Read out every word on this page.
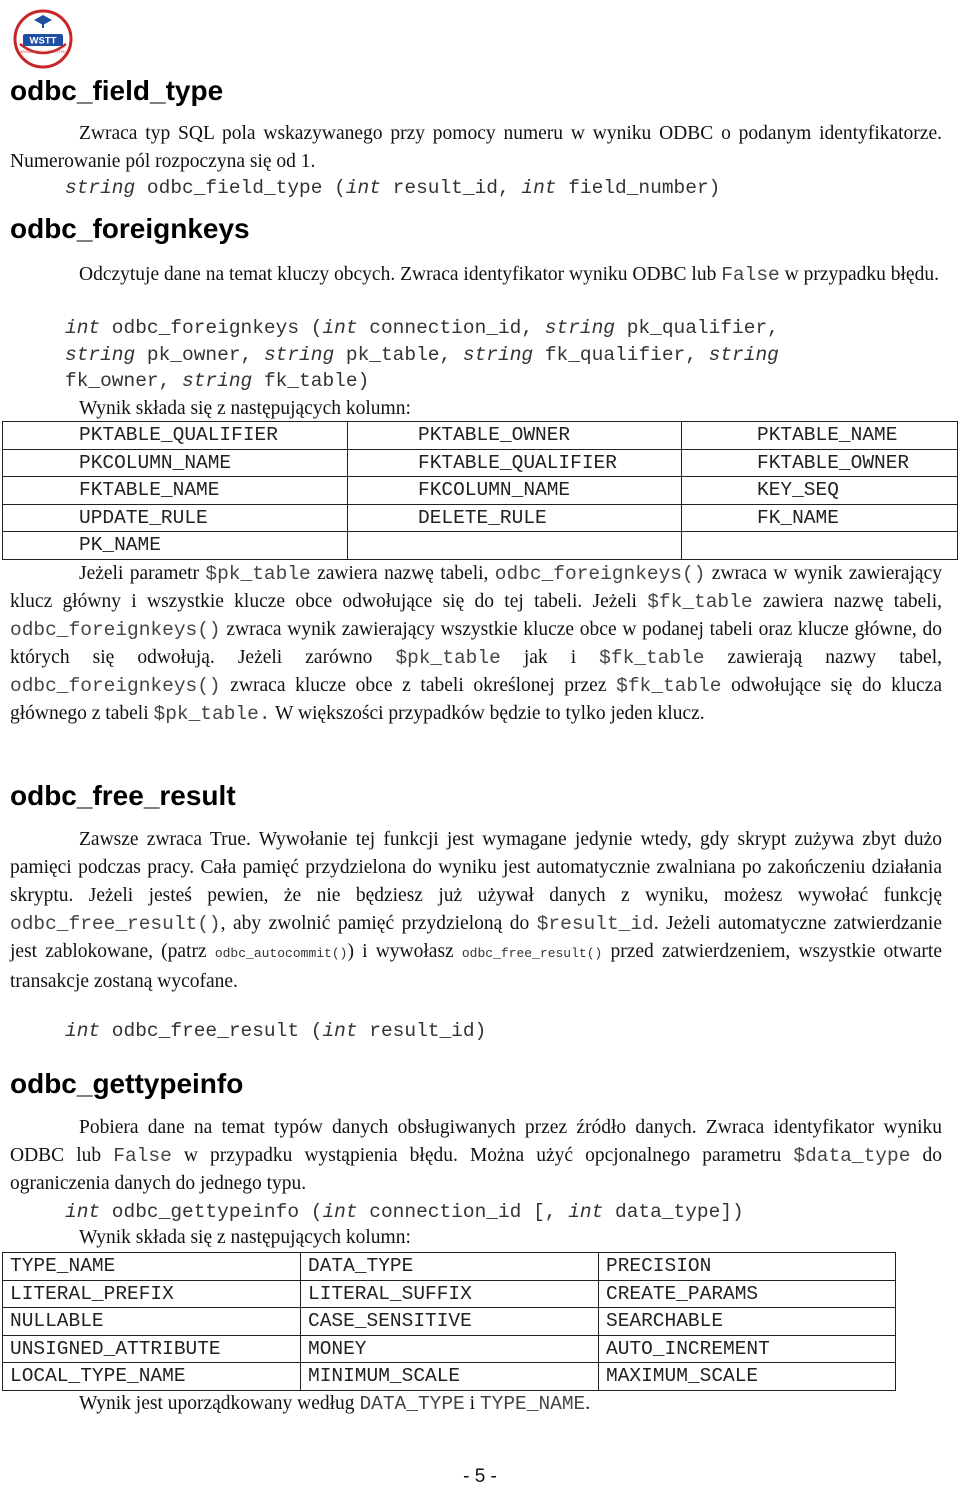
WSTT
WYŻSZA SZKOŁA TURYSTYKI
odbc_field_type

Zwraca typ SQL pola wskazywanego przy pomocy numeru w wyniku ODBC o podanym identyfikatorze. Numerowanie pól rozpoczyna się od 1.

string odbc_field_type (int result_id, int field_number)
odbc_foreignkeys

Odczytuje dane na temat kluczy obcych. Zwraca identyfikator wyniku ODBC lub False w przypadku błędu.

int odbc_foreignkeys (int connection_id, string pk_qualifier,
string pk_owner, string pk_table, string fk_qualifier, string
fk_owner, string fk_table)
Wynik składa się z następujących kolumn:
PKTABLE_QUALIFIER	PKTABLE_OWNER	PKTABLE_NAME
PKCOLUMN_NAME	FKTABLE_QUALIFIER	FKTABLE_OWNER
FKTABLE_NAME	FKCOLUMN_NAME	KEY_SEQ
UPDATE_RULE	DELETE_RULE	FK_NAME
PK_NAME		

Jeżeli parametr $pk_table zawiera nazwę tabeli, odbc_foreignkeys() zwraca w wynik zawierający klucz główny i wszystkie klucze obce odwołujące się do tej tabeli. Jeżeli $fk_table zawiera nazwę tabeli, odbc_foreignkeys() zwraca wynik zawierający wszystkie klucze obce w podanej tabeli oraz klucze główne, do których się odwołują. Jeżeli zarówno $pk_table jak i $fk_table zawierają nazwy tabel, odbc_foreignkeys() zwraca klucze obce z tabeli określonej przez $fk_table odwołujące się do klucza głównego z tabeli $pk_table. W większości przypadków będzie to tylko jeden klucz.

odbc_free_result

Zawsze zwraca True. Wywołanie tej funkcji jest wymagane jedynie wtedy, gdy skrypt zużywa zbyt dużo pamięci podczas pracy. Cała pamięć przydzielona do wyniku jest automatycznie zwalniana po zakończeniu działania skryptu. Jeżeli jesteś pewien, że nie będziesz już używał danych z wyniku, możesz wywołać funkcję odbc_free_result(), aby zwolnić pamięć przydzieloną do $result_id. Jeżeli automatyczne zatwierdzanie jest zablokowane, (patrz odbc_autocommit()) i wywołasz odbc_free_result() przed zatwierdzeniem, wszystkie otwarte transakcje zostaną wycofane.

int odbc_free_result (int result_id)
odbc_gettypeinfo

Pobiera dane na temat typów danych obsługiwanych przez źródło danych. Zwraca identyfikator wyniku ODBC lub False w przypadku wystąpienia błędu. Można użyć opcjonalnego parametru $data_type do ograniczenia danych do jednego typu.

int odbc_gettypeinfo (int connection_id [, int data_type])
Wynik składa się z następujących kolumn:
TYPE_NAME	DATA_TYPE	PRECISION
LITERAL_PREFIX	LITERAL_SUFFIX	CREATE_PARAMS
NULLABLE	CASE_SENSITIVE	SEARCHABLE
UNSIGNED_ATTRIBUTE	MONEY	AUTO_INCREMENT
LOCAL_TYPE_NAME	MINIMUM_SCALE	MAXIMUM_SCALE
Wynik jest uporządkowany według DATA_TYPE i TYPE_NAME.
- 5 -
